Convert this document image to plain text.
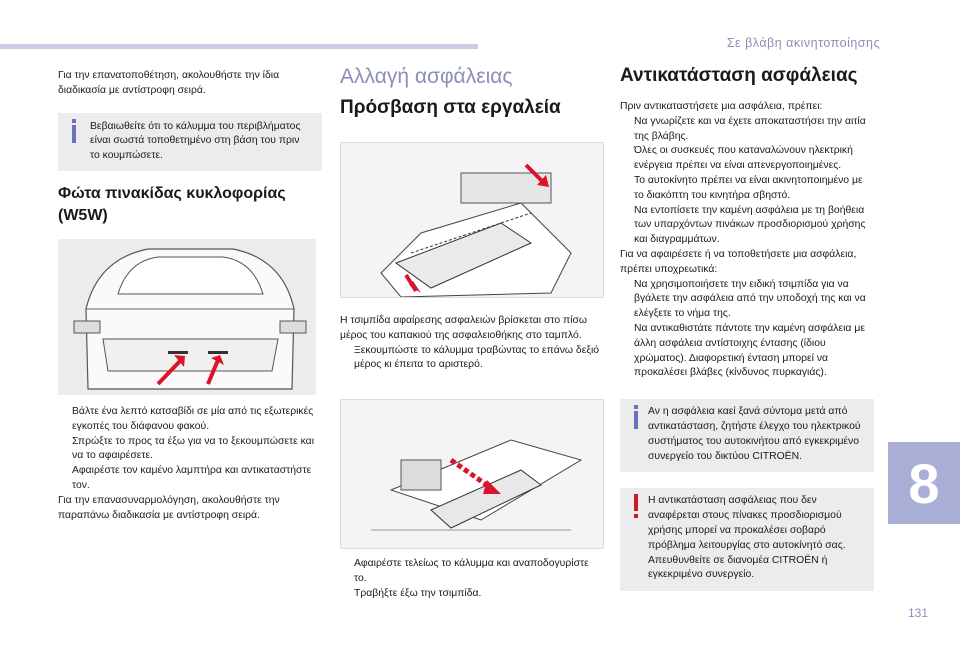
Σε βλάβη ακινητοποίησης

Για την επανατοποθέτηση, ακολουθήστε την ίδια διαδικασία με αντίστροφη σειρά.

Βεβαιωθείτε ότι το κάλυμμα του περιβλήματος είναι σωστά τοποθετημένο στη βάση του πριν το κουμπώσετε.

Φώτα πινακίδας κυκλοφορίας (W5W)
Βάλτε ένα λεπτό κατσαβίδι σε μία από τις εξωτερικές εγκοπές του διάφανου φακού.
Σπρώξτε το προς τα έξω για να το ξεκουμπώσετε και να το αφαιρέσετε.
Αφαιρέστε τον καμένο λαμπτήρα και αντικαταστήστε τον.

Για την επανασυναρμολόγηση, ακολουθήστε την παραπάνω διαδικασία με αντίστροφη σειρά.

Αλλαγή ασφάλειας
Πρόσβαση στα εργαλεία

Η τσιμπίδα αφαίρεσης ασφαλειών βρίσκεται στο πίσω μέρος του καπακιού της ασφαλειοθήκης στο ταμπλό.

Ξεκουμπώστε το κάλυμμα τραβώντας το επάνω δεξιό μέρος κι έπειτα το αριστερό.
Αφαιρέστε τελείως το κάλυμμα και αναποδογυρίστε το.
Τραβήξτε έξω την τσιμπίδα.
Αντικατάσταση ασφάλειας

Πριν αντικαταστήσετε μια ασφάλεια, πρέπει:

Να γνωρίζετε και να έχετε αποκαταστήσει την αιτία της βλάβης.
Όλες οι συσκευές που καταναλώνουν ηλεκτρική ενέργεια πρέπει να είναι απενεργοποιημένες.
Το αυτοκίνητο πρέπει να είναι ακινητοποιημένο με το διακόπτη του κινητήρα σβηστό.
Να εντοπίσετε την καμένη ασφάλεια με τη βοήθεια των υπαρχόντων πινάκων προσδιορισμού χρήσης και διαγραμμάτων.

Για να αφαιρέσετε ή να τοποθετήσετε μια ασφάλεια, πρέπει υποχρεωτικά:

Να χρησιμοποιήσετε την ειδική τσιμπίδα για να βγάλετε την ασφάλεια από την υποδοχή της και να ελέγξετε το νήμα της.
Να αντικαθιστάτε πάντοτε την καμένη ασφάλεια με άλλη ασφάλεια αντίστοιχης έντασης (ίδιου χρώματος). Διαφορετική ένταση μπορεί να προκαλέσει βλάβες (κίνδυνος πυρκαγιάς).

Αν η ασφάλεια καεί ξανά σύντομα μετά από αντικατάσταση, ζητήστε έλεγχο του ηλεκτρικού συστήματος του αυτοκινήτου από εγκεκριμένο συνεργείο του δικτύου CITROËN.

Η αντικατάσταση ασφάλειας που δεν αναφέρεται στους πίνακες προσδιορισμού χρήσης μπορεί να προκαλέσει σοβαρό πρόβλημα λειτουργίας στο αυτοκίνητό σας. Απευθυνθείτε σε διανομέα CITROËN ή εγκεκριμένο συνεργείο.

8
131
